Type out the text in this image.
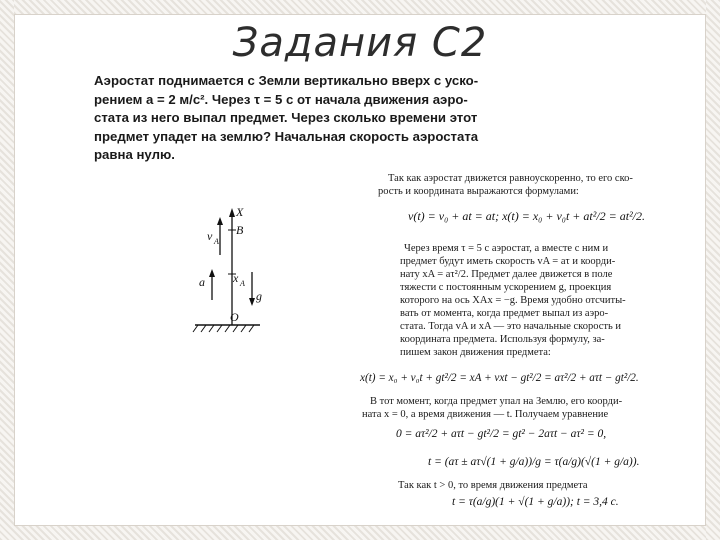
Задания С2
Аэростат поднимается с Земли вертикально вверх с уско-
рением a = 2 м/с². Через τ = 5 с от начала движения аэро-
стата из него выпал предмет. Через сколько времени этот
предмет упадет на землю? Начальная скорость аэростата
равна нулю.
X
B
v A
x A
a
g
O
Так как аэростат движется равноускоренно, то его ско-
рость и координата выражаются формулами:
v(t) = v₀ + at = at; x(t) = x₀ + v₀t + at²/2 = at²/2.
Через время τ = 5 с аэростат, а вместе с ним и
предмет будут иметь скорость vA = aτ и коорди-
нату xA = aτ²/2. Предмет далее движется в поле
тяжести с постоянным ускорением g, проекция
которого на ось XAx = −g. Время удобно отсчиты-
вать от момента, когда предмет выпал из аэро-
стата. Тогда vA и xA — это начальные скорость и
координата предмета. Используя формулу, за-
пишем закон движения предмета:
x(t) = x₀ + v₀t + gt²/2 = xA + vxt − gt²/2 = aτ²/2 + aτt − gt²/2.
В тот момент, когда предмет упал на Землю, его коорди-
ната x = 0, а время движения — t. Получаем уравнение
0 = aτ²/2 + aτt − gt²/2 = gt² − 2aτt − aτ² = 0,
t = (aτ ± aτ√(1 + g/a))/g = τ(a/g)(√(1 + g/a)).
Так как t > 0, то время движения предмета
t = τ(a/g)(1 + √(1 + g/a)); t = 3,4 с.
